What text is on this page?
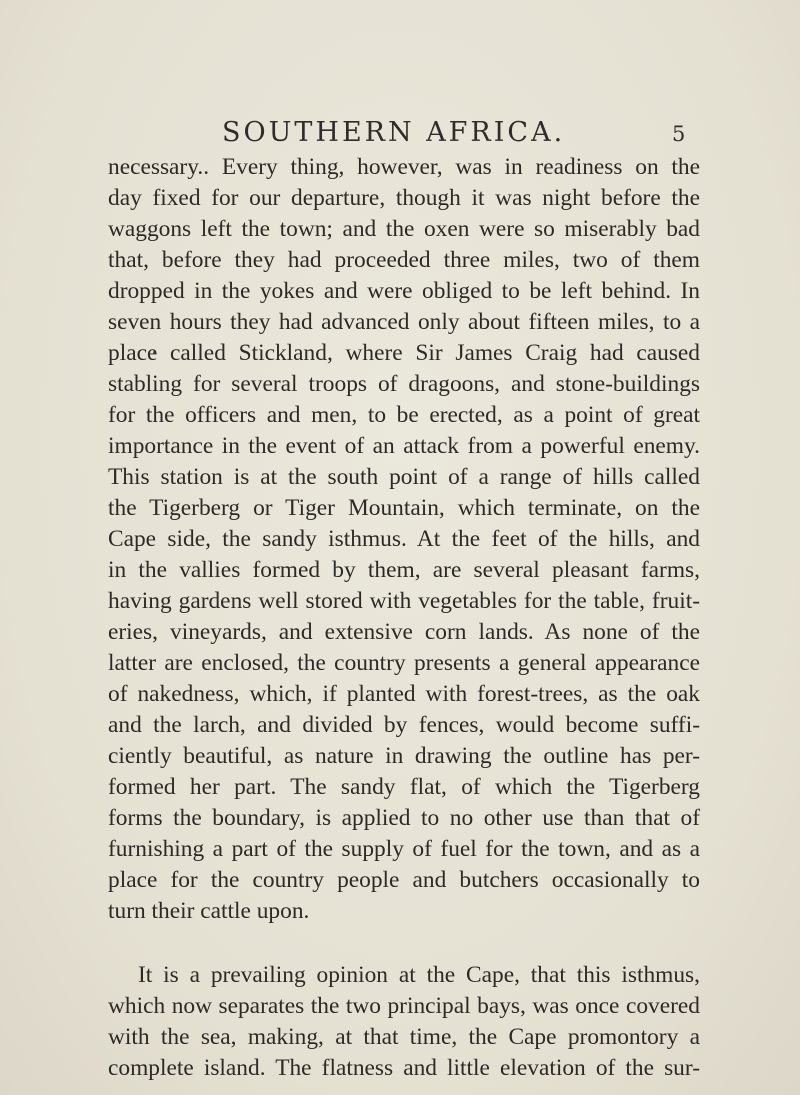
SOUTHERN AFRICA.	5
necessary.. Every thing, however, was in readiness on the
day fixed for our departure, though it was night before the
waggons left the town; and the oxen were so miserably bad
that, before they had proceeded three miles, two of them
dropped in the yokes and were obliged to be left behind. In
seven hours they had advanced only about fifteen miles, to a
place called Stickland, where Sir James Craig had caused
stabling for several troops of dragoons, and stone-buildings
for the officers and men, to be erected, as a point of great
importance in the event of an attack from a powerful enemy.
This station is at the south point of a range of hills called
the Tigerberg or Tiger Mountain, which terminate, on the
Cape side, the sandy isthmus. At the feet of the hills, and
in the vallies formed by them, are several pleasant farms,
having gardens well stored with vegetables for the table, fruit-
eries, vineyards, and extensive corn lands. As none of the
latter are enclosed, the country presents a general appearance
of nakedness, which, if planted with forest-trees, as the oak
and the larch, and divided by fences, would become suffi-
ciently beautiful, as nature in drawing the outline has per-
formed her part. The sandy flat, of which the Tigerberg
forms the boundary, is applied to no other use than that of
furnishing a part of the supply of fuel for the town, and as a
place for the country people and butchers occasionally to
turn their cattle upon.
It is a prevailing opinion at the Cape, that this isthmus,
which now separates the two principal bays, was once covered
with the sea, making, at that time, the Cape promontory a
complete island. The flatness and little elevation of the sur-
